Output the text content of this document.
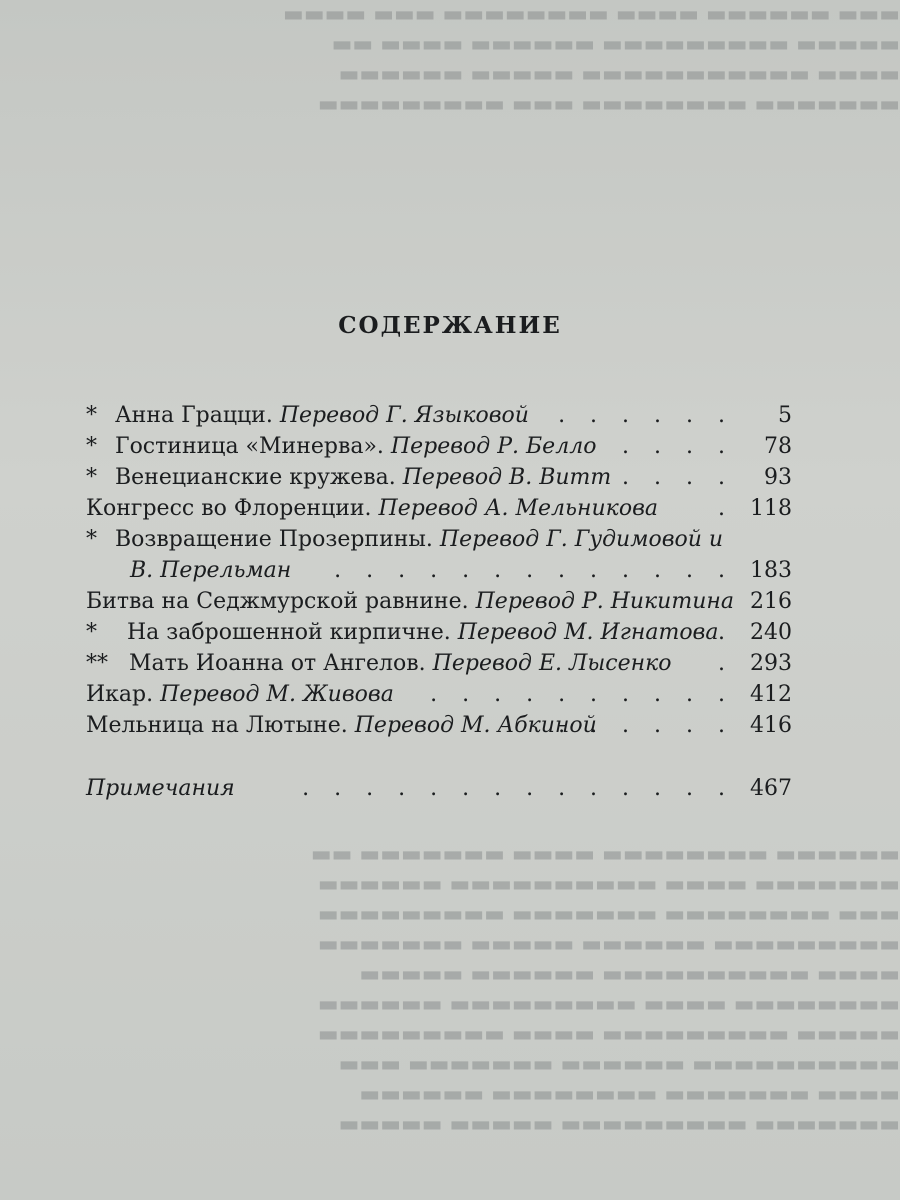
▬▬▬ ▬▬▬▬▬▬ ▬▬▬▬ ▬▬▬▬▬▬▬▬ ▬▬▬ ▬▬▬▬
▬▬▬▬▬ ▬▬▬▬▬▬▬▬▬ ▬▬▬▬▬▬ ▬▬▬▬ ▬▬
▬▬▬▬ ▬▬▬▬▬▬▬▬▬▬▬ ▬▬▬▬▬ ▬▬▬▬▬▬
▬▬▬▬▬▬▬ ▬▬▬▬▬▬▬▬ ▬▬▬ ▬▬▬▬▬▬▬▬▬
СОДЕРЖАНИЕ
* Анна Грацци. Перевод Г. Языковой . . . . . . 5
* Гостиница «Минерва». Перевод Р. Белло . . . . 78
* Венецианские кружева. Перевод В. Витт . . . . 93
Конгресс во Флоренции. Перевод А. Мельникова	. 118
* Возвращение Прозерпины. Перевод Г. Гудимовой и
В. Перельман . . . . . . . . . . . . . 183
Битва на Седжмурской равнине. Перевод Р. Никитина 216
* На заброшенной кирпичне. Перевод М. Игнатова . 240
** Мать Иоанна от Ангелов. Перевод Е. Лысенко . 293
Икар. Перевод М. Живова . . . . . . . . . . 412
Мельница на Лютыне. Перевод М. Абкиной
. . . . . . 416
Примечания	. . . . . . . . . . . . . . 467
▬▬▬▬▬▬ ▬▬▬▬▬▬▬▬ ▬▬▬▬ ▬▬▬▬▬▬▬ ▬▬
▬▬▬▬▬▬▬ ▬▬▬▬ ▬▬▬▬▬▬▬▬▬▬ ▬▬▬▬▬▬
▬▬▬ ▬▬▬▬▬▬▬▬ ▬▬▬▬▬▬▬ ▬▬▬▬▬▬▬▬▬
▬▬▬▬▬▬▬▬▬ ▬▬▬▬▬▬ ▬▬▬▬▬ ▬▬▬▬▬▬▬
▬▬▬▬ ▬▬▬▬▬▬▬▬▬▬ ▬▬▬▬▬▬ ▬▬▬▬▬
▬▬▬▬▬▬▬▬ ▬▬▬▬ ▬▬▬▬▬▬▬▬▬ ▬▬▬▬▬▬
▬▬▬▬▬ ▬▬▬▬▬▬▬▬▬ ▬▬▬▬ ▬▬▬▬▬▬▬▬▬
▬▬▬▬▬▬▬▬▬▬ ▬▬▬▬▬▬ ▬▬▬▬▬▬▬ ▬▬▬
▬▬▬▬ ▬▬▬▬▬▬▬ ▬▬▬▬▬▬▬▬ ▬▬▬▬▬▬
▬▬▬▬▬▬▬ ▬▬▬▬▬▬▬▬▬ ▬▬▬▬▬ ▬▬▬▬▬
